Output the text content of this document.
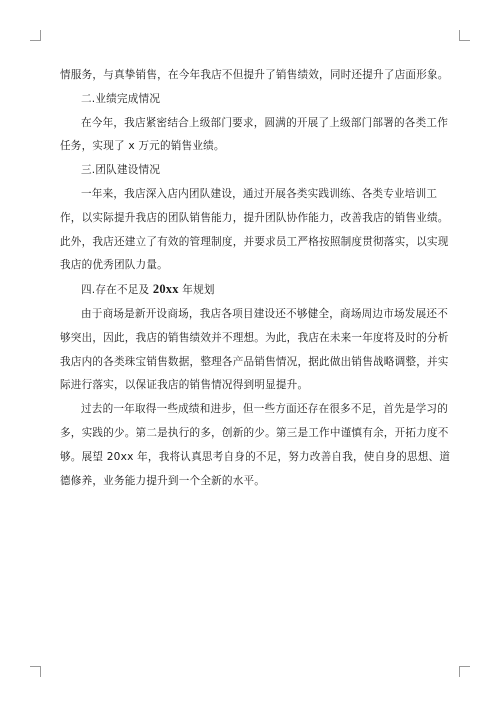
情服务，与真挚销售，在今年我店不但提升了销售绩效，同时还提升了店面形象。

二.业绩完成情况

在今年，我店紧密结合上级部门要求，圆满的开展了上级部门部署的各类工作任务，实现了 x 万元的销售业绩。

三.团队建设情况

一年来，我店深入店内团队建设，通过开展各类实践训练、各类专业培训工作，以实际提升我店的团队销售能力，提升团队协作能力，改善我店的销售业绩。此外，我店还建立了有效的管理制度，并要求员工严格按照制度贯彻落实，以实现我店的优秀团队力量。

四.存在不足及 20xx 年规划

由于商场是新开设商场，我店各项目建设还不够健全，商场周边市场发展还不够突出，因此，我店的销售绩效并不理想。为此，我店在未来一年度将及时的分析我店内的各类珠宝销售数据，整理各产品销售情况，据此做出销售战略调整，并实际进行落实，以保证我店的销售情况得到明显提升。

过去的一年取得一些成绩和进步，但一些方面还存在很多不足，首先是学习的多，实践的少。第二是执行的多，创新的少。第三是工作中谨慎有余，开拓力度不够。展望 20xx 年，我将认真思考自身的不足，努力改善自我，使自身的思想、道德修养，业务能力提升到一个全新的水平。
